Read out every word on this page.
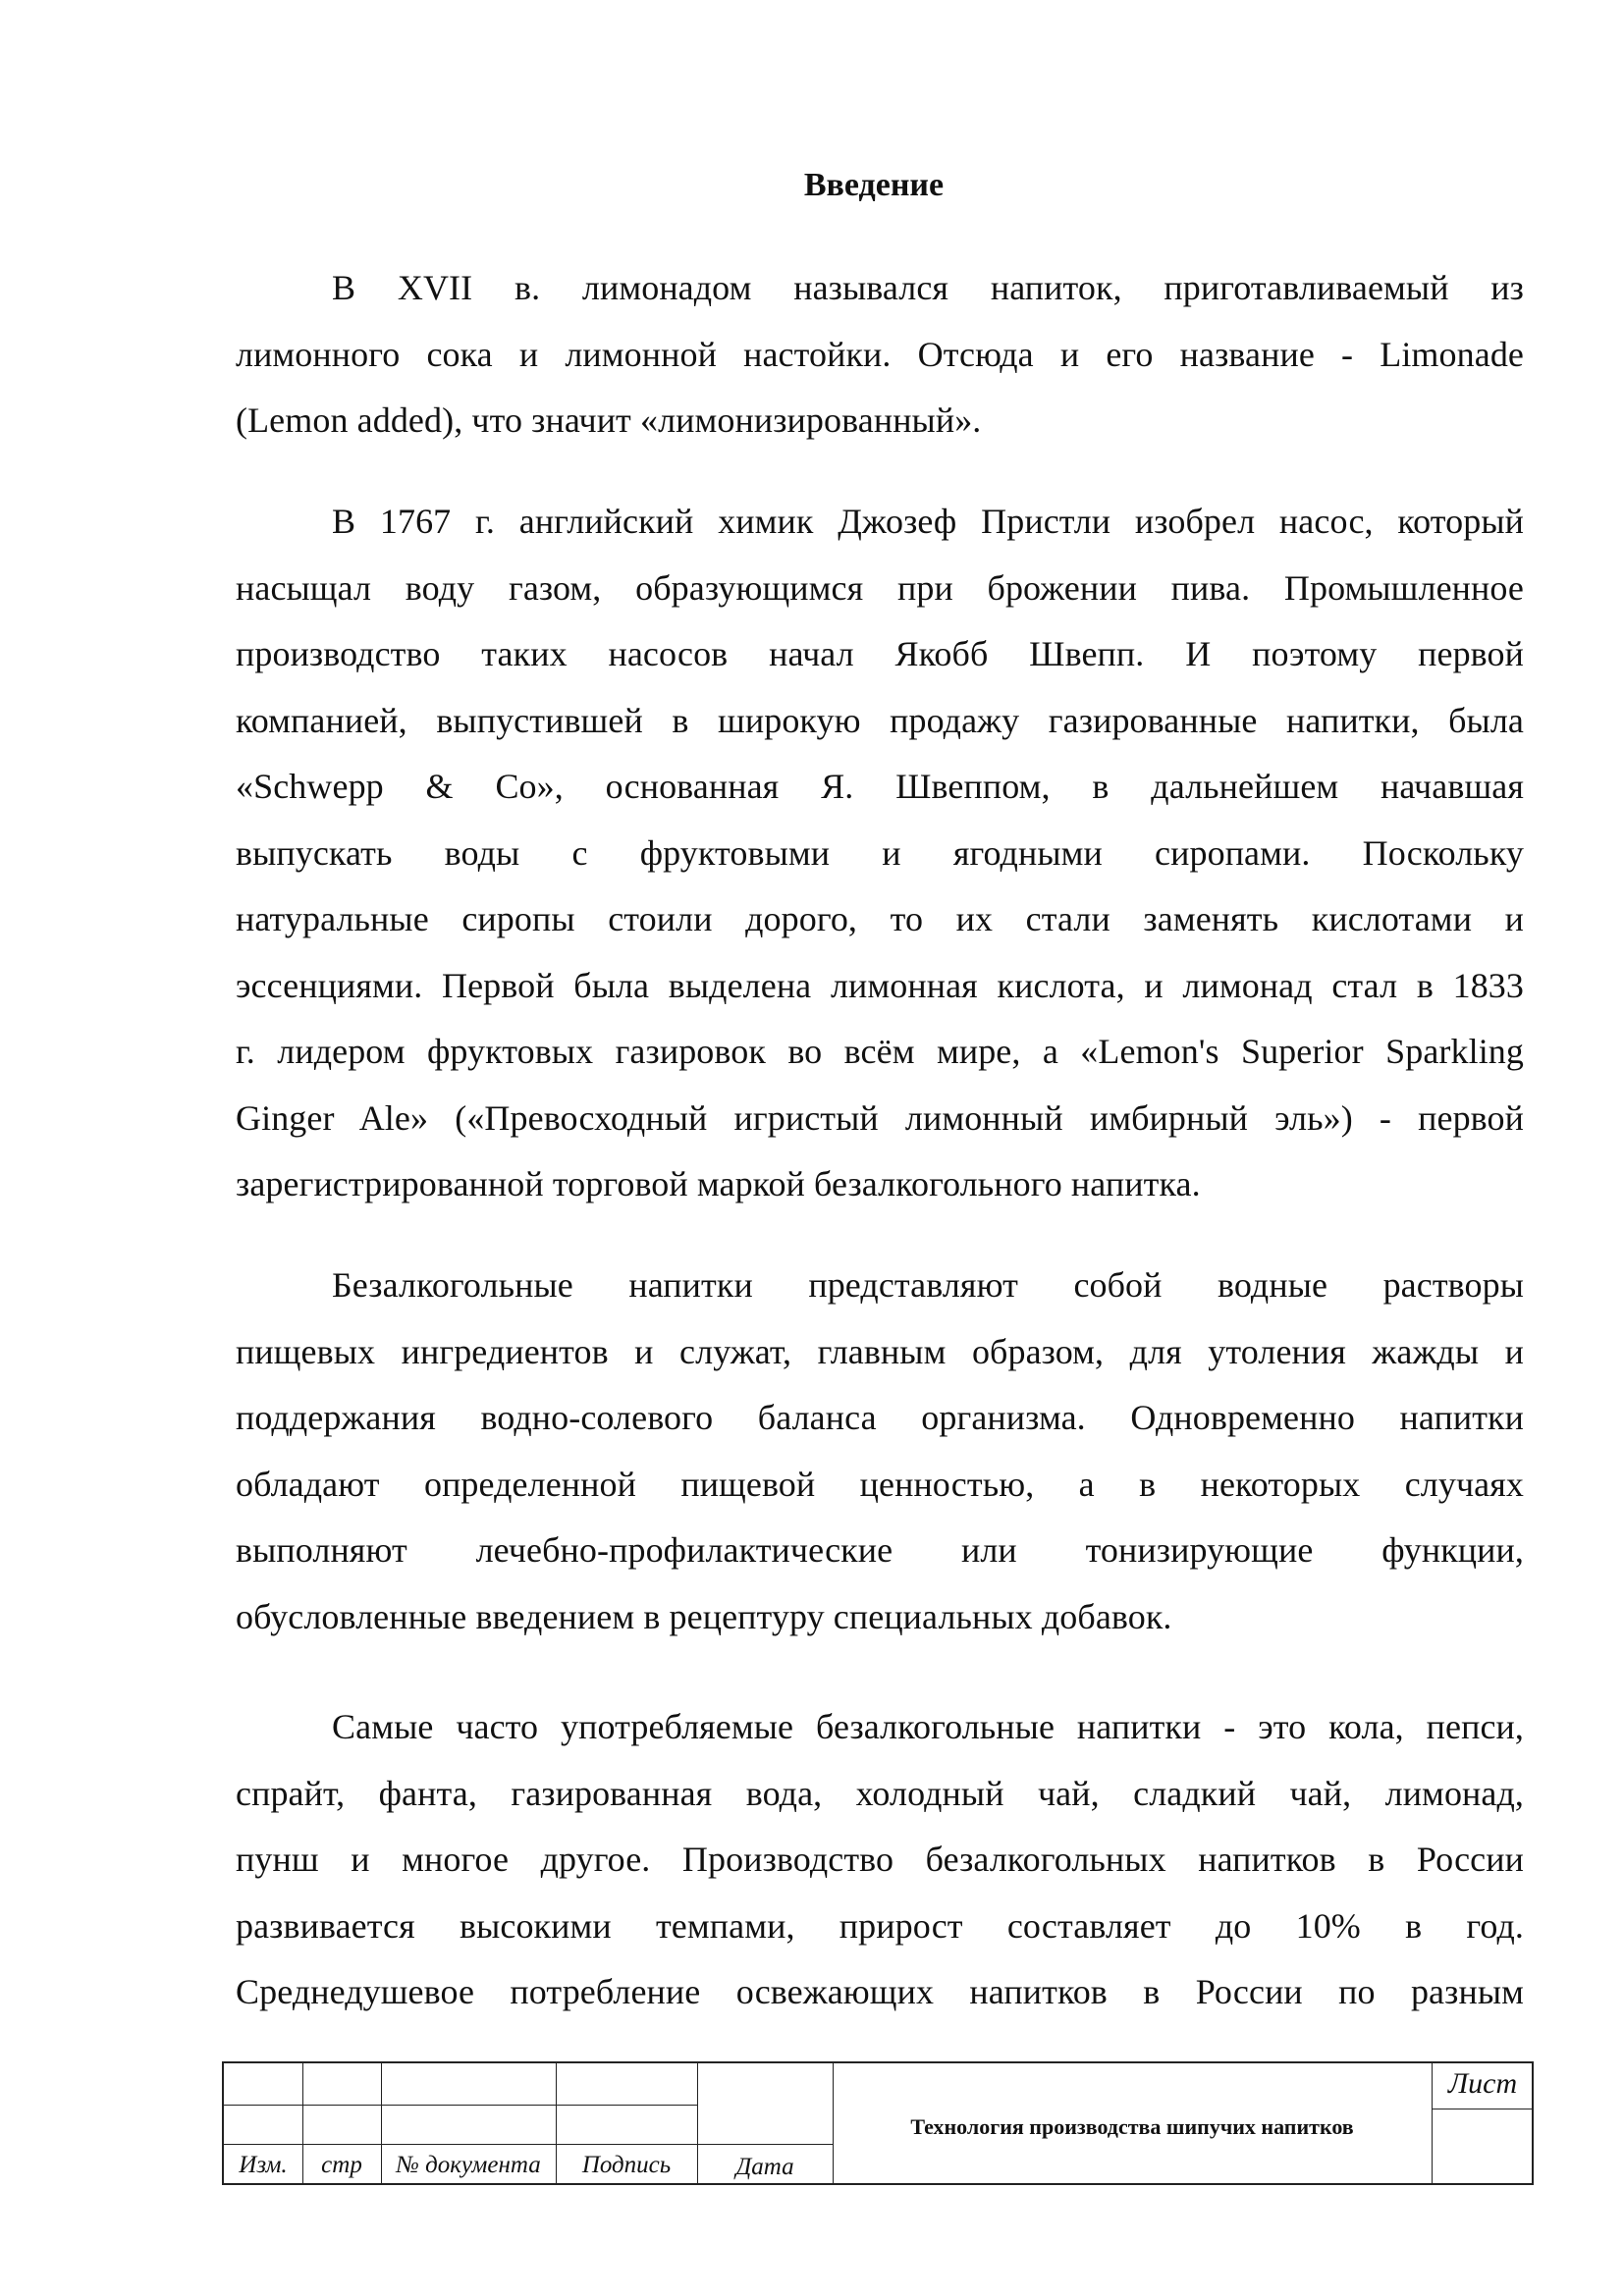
Введение

В XVII в. лимонадом назывался напиток, приготавливаемый из
лимонного сока и лимонной настойки. Отсюда и его название - Limonade
(Lemon added), что значит «лимонизированный».

В 1767 г. английский химик Джозеф Пристли изобрел насос, который
насыщал воду газом, образующимся при брожении пива. Промышленное
производство таких насосов начал Якобб Швепп. И поэтому первой
компанией, выпустившей в широкую продажу газированные напитки, была
«Schwepp & Co», основанная Я. Швеппом, в дальнейшем начавшая
выпускать воды с фруктовыми и ягодными сиропами. Поскольку
натуральные сиропы стоили дорого, то их стали заменять кислотами и
эссенциями. Первой была выделена лимонная кислота, и лимонад стал в 1833
г. лидером фруктовых газировок во всём мире, а «Lemon's Superior Sparkling
Ginger Ale» («Превосходный игристый лимонный имбирный эль») - первой
зарегистрированной торговой маркой безалкогольного напитка.

Безалкогольные напитки представляют собой водные растворы
пищевых ингредиентов и служат, главным образом, для утоления жажды и
поддержания водно-солевого баланса организма. Одновременно напитки
обладают определенной пищевой ценностью, а в некоторых случаях
выполняют лечебно-профилактические или тонизирующие функции,
обусловленные введением в рецептуру специальных добавок.

Самые часто употребляемые безалкогольные напитки - это кола, пепси,
спрайт, фанта, газированная вода, холодный чай, сладкий чай, лимонад,
пунш и многое другое. Производство безалкогольных напитков в России
развивается высокими темпами, прирост составляет до 10% в год.
Среднедушевое потребление освежающих напитков в России по разным

Изм.	стр	№ документа	Подпись	Дата
Технология производства шипучих напитков
Лист
